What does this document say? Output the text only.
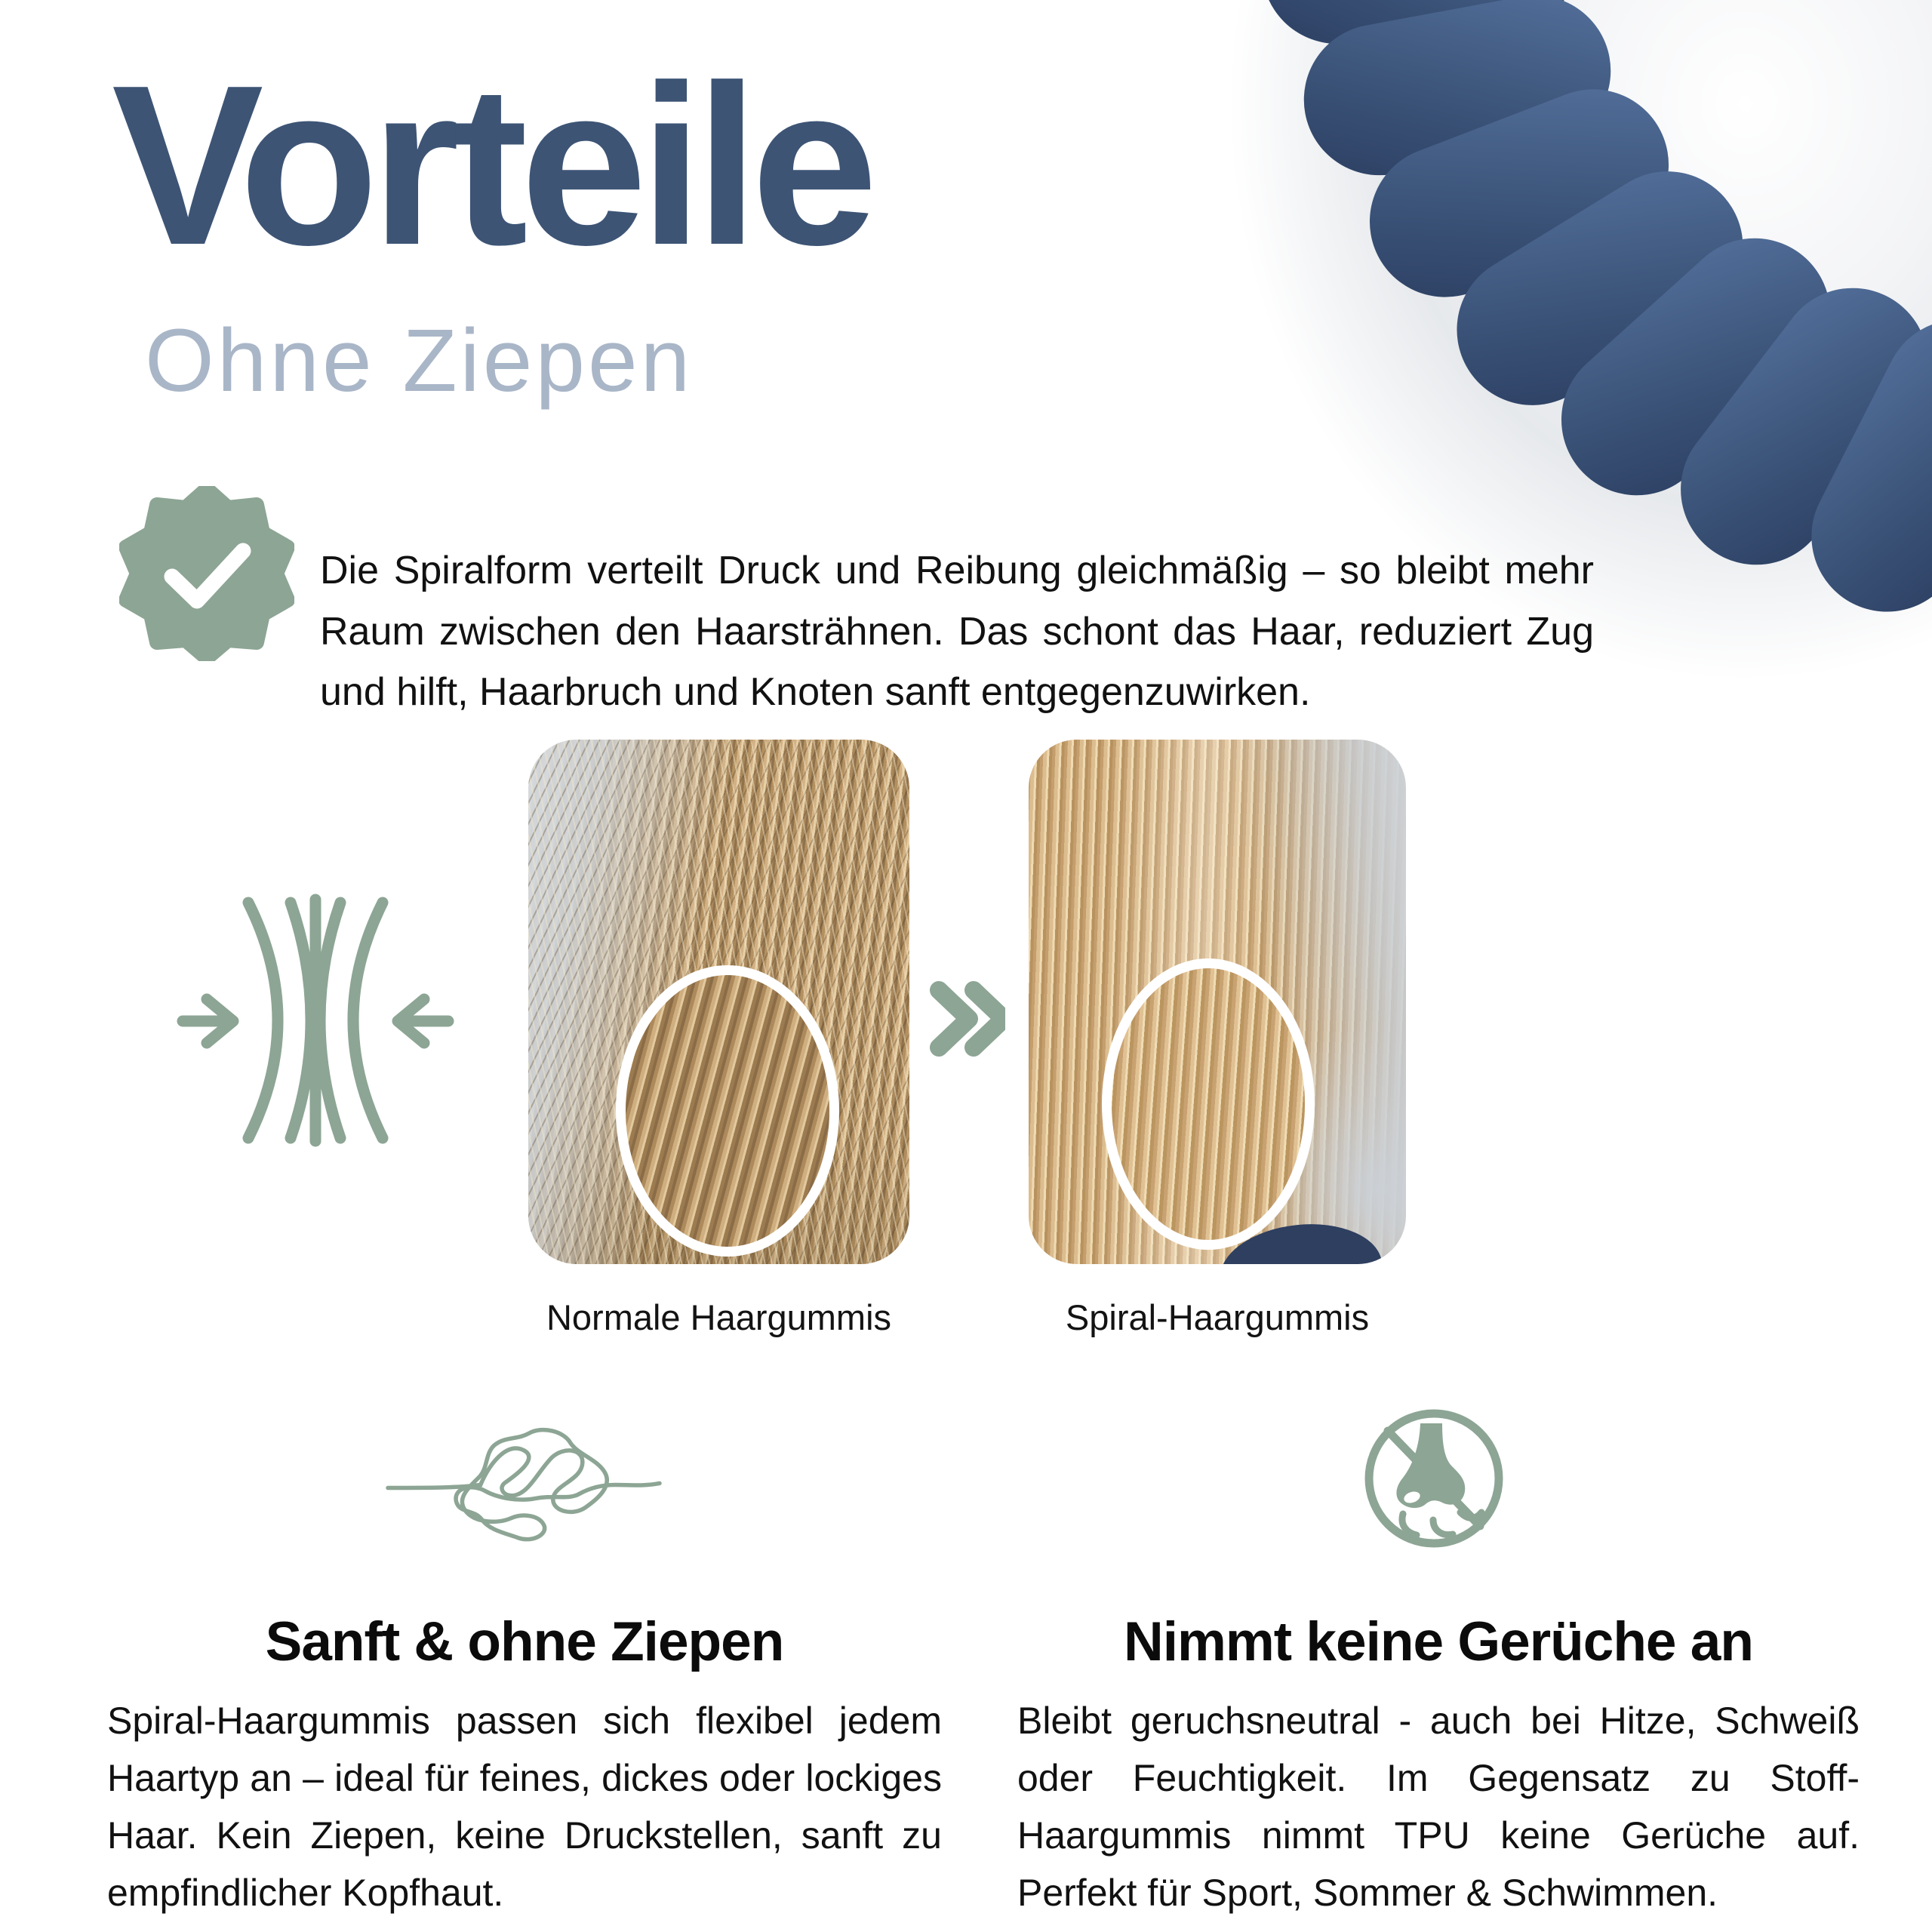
Vorteile
Ohne Ziepen

Die Spiralform verteilt Druck und Reibung gleichmäßig – so bleibt mehr Raum zwischen den Haarsträhnen. Das schont das Haar, reduziert Zug und hilft, Haarbruch und Knoten sanft entgegenzuwirken.

Normale Haargummis	Spiral-Haargummis
Sanft & ohne Ziepen

Spiral-Haargummis passen sich flexibel jedem Haartyp an – ideal für feines, dickes oder lockiges Haar. Kein Ziepen, keine Druckstellen, sanft zu empfindlicher Kopfhaut.

Nimmt keine Gerüche an

Bleibt geruchsneutral - auch bei Hitze, Schweiß oder Feuchtigkeit. Im Gegensatz zu Stoff-Haargummis nimmt TPU keine Gerüche auf. Perfekt für Sport, Sommer & Schwimmen.
